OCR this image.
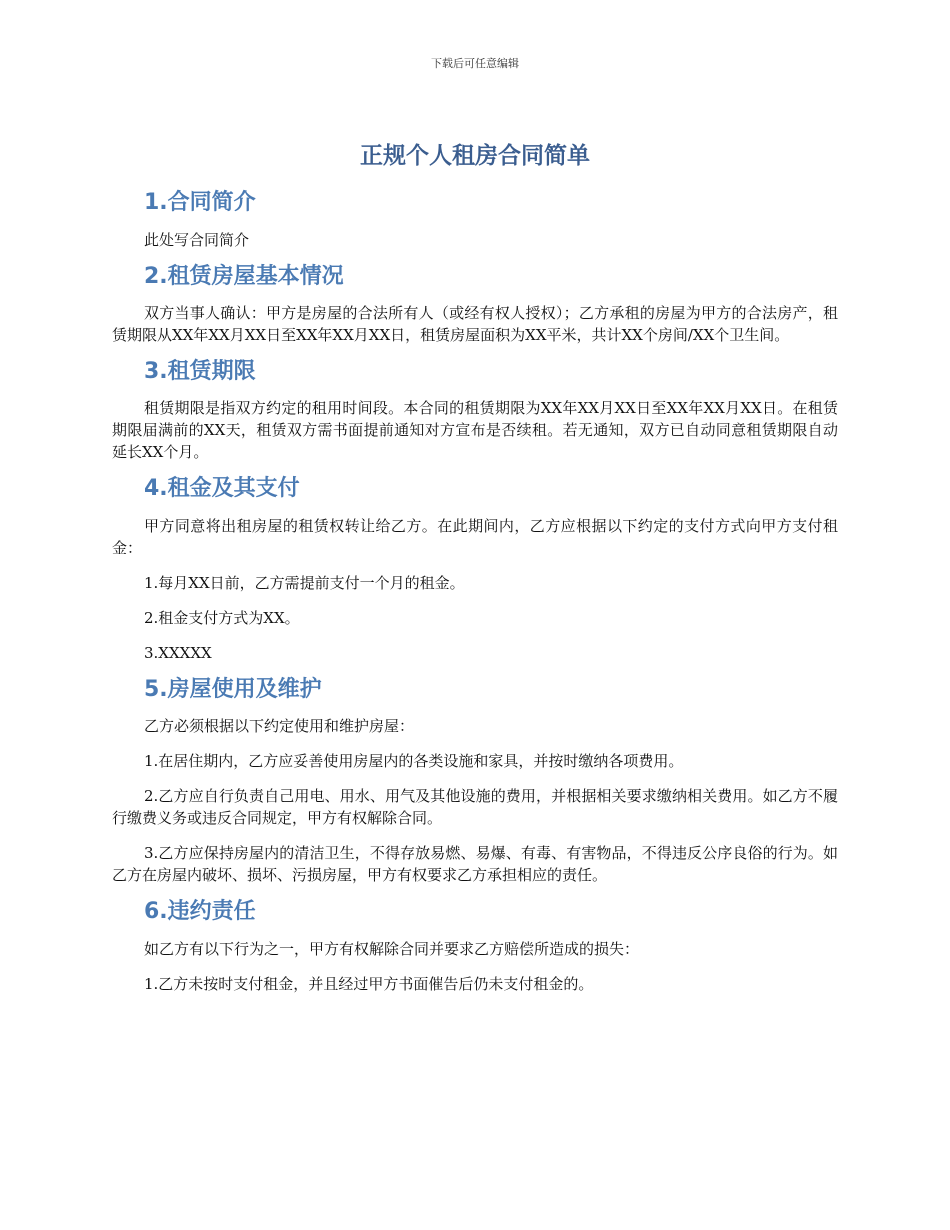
下载后可任意编辑

正规个人租房合同简单
1.合同简介

此处写合同简介

2.租赁房屋基本情况

双方当事人确认：甲方是房屋的合法所有人（或经有权人授权）；乙方承租的房屋为甲方的合法房产，租赁期限从XX年XX月XX日至XX年XX月XX日，租赁房屋面积为XX平米，共计XX个房间/XX个卫生间。

3.租赁期限

租赁期限是指双方约定的租用时间段。本合同的租赁期限为XX年XX月XX日至XX年XX月XX日。在租赁期限届满前的XX天，租赁双方需书面提前通知对方宣布是否续租。若无通知，双方已自动同意租赁期限自动延长XX个月。

4.租金及其支付

甲方同意将出租房屋的租赁权转让给乙方。在此期间内，乙方应根据以下约定的支付方式向甲方支付租金：

1.每月XX日前，乙方需提前支付一个月的租金。

2.租金支付方式为XX。

3.XXXXX

5.房屋使用及维护

乙方必须根据以下约定使用和维护房屋：

1.在居住期内，乙方应妥善使用房屋内的各类设施和家具，并按时缴纳各项费用。

2.乙方应自行负责自己用电、用水、用气及其他设施的费用，并根据相关要求缴纳相关费用。如乙方不履行缴费义务或违反合同规定，甲方有权解除合同。

3.乙方应保持房屋内的清洁卫生，不得存放易燃、易爆、有毒、有害物品，不得违反公序良俗的行为。如乙方在房屋内破坏、损坏、污损房屋，甲方有权要求乙方承担相应的责任。

6.违约责任

如乙方有以下行为之一，甲方有权解除合同并要求乙方赔偿所造成的损失：

1.乙方未按时支付租金，并且经过甲方书面催告后仍未支付租金的。
